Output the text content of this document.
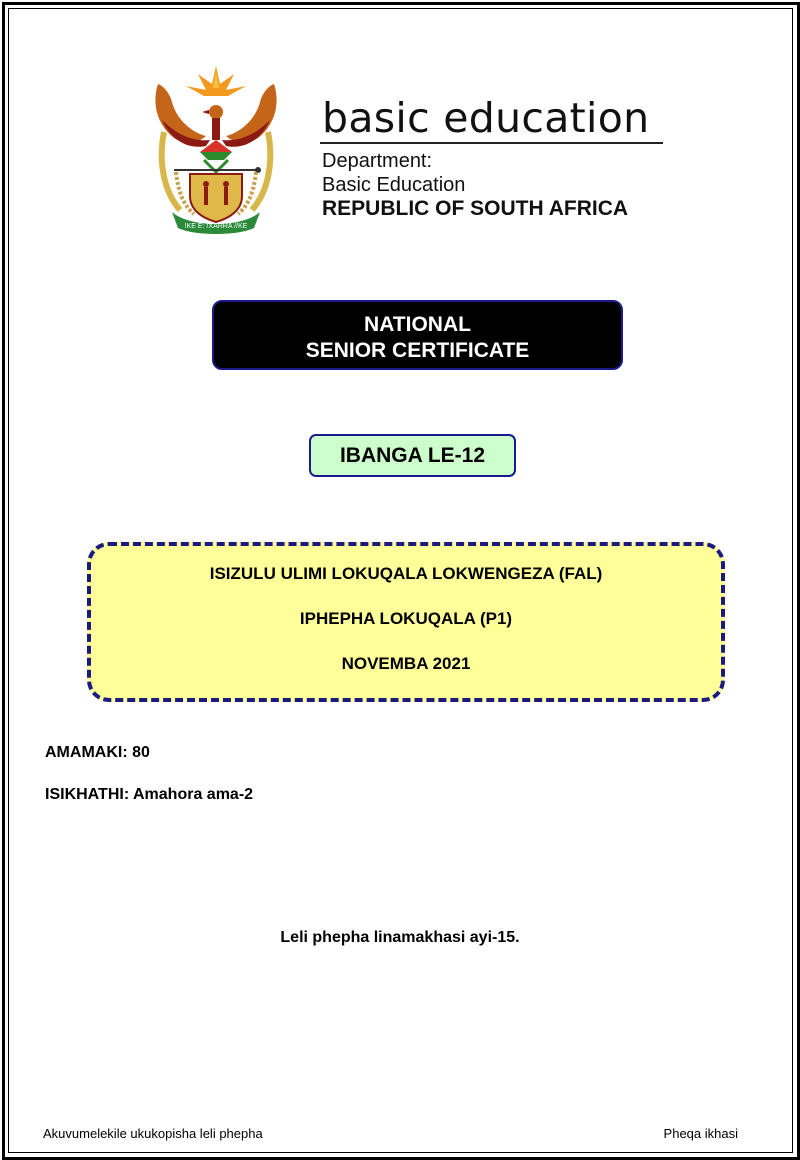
!KE E: /XARRA //KE
basic education
Department:
Basic Education
REPUBLIC OF SOUTH AFRICA
NATIONAL
SENIOR CERTIFICATE
IBANGA LE-12
ISIZULU ULIMI LOKUQALA LOKWENGEZA (FAL)
IPHEPHA LOKUQALA (P1)
NOVEMBA 2021
AMAMAKI: 80
ISIKHATHI: Amahora ama-2
Leli phepha linamakhasi ayi-15.
Akuvumelekile ukukopisha leli phepha	Pheqa ikhasi
